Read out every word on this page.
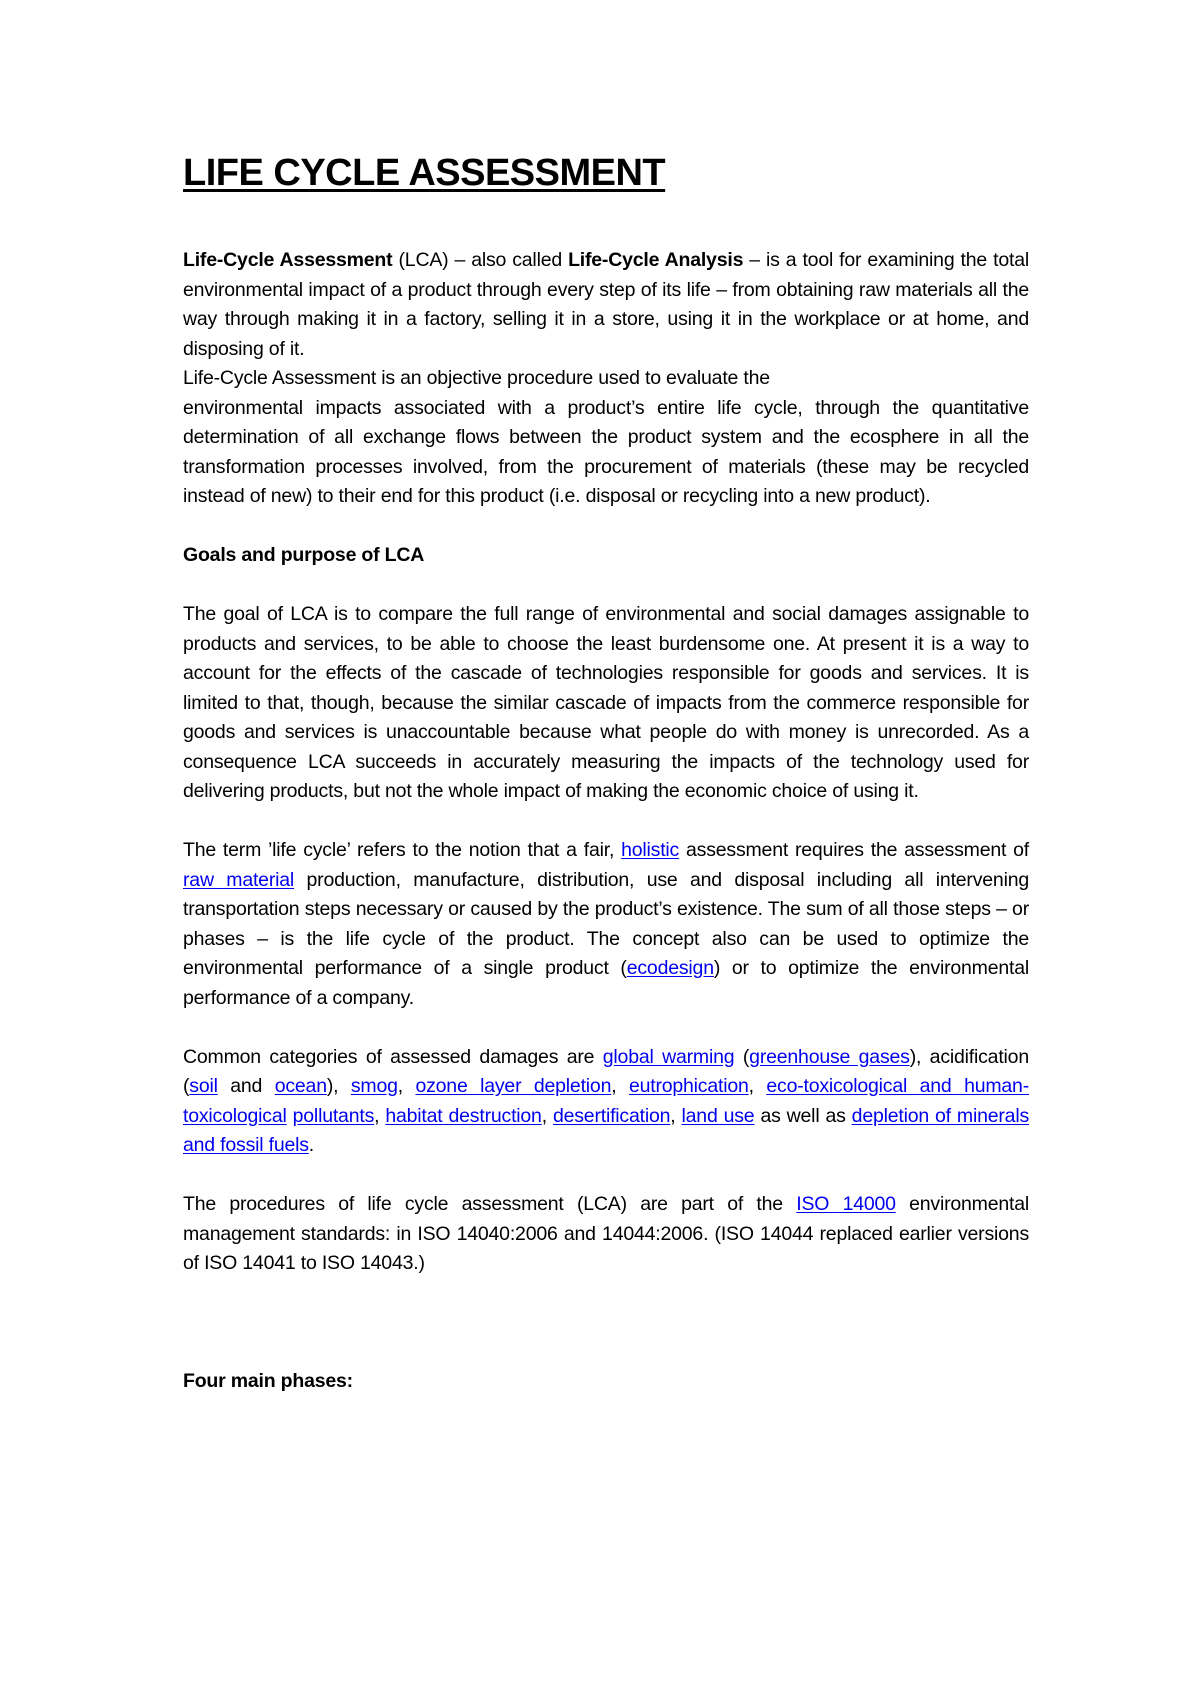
LIFE CYCLE ASSESSMENT

Life-Cycle Assessment (LCA) – also called Life-Cycle Analysis – is a tool for examining the total environmental impact of a product through every step of its life – from obtaining raw materials all the way through making it in a factory, selling it in a store, using it in the workplace or at home, and disposing of it.

Life-Cycle Assessment is an objective procedure used to evaluate the

environmental impacts associated with a product’s entire life cycle, through the quantitative determination of all exchange flows between the product system and the ecosphere in all the transformation processes involved, from the procurement of materials (these may be recycled instead of new) to their end for this product (i.e. disposal or recycling into a new product).

Goals and purpose of LCA

The goal of LCA is to compare the full range of environmental and social damages assignable to products and services, to be able to choose the least burdensome one. At present it is a way to account for the effects of the cascade of technologies responsible for goods and services. It is limited to that, though, because the similar cascade of impacts from the commerce responsible for goods and services is unaccountable because what people do with money is unrecorded. As a consequence LCA succeeds in accurately measuring the impacts of the technology used for delivering products, but not the whole impact of making the economic choice of using it.

The term ’life cycle’ refers to the notion that a fair, holistic assessment requires the assessment of raw material production, manufacture, distribution, use and disposal including all intervening transportation steps necessary or caused by the product’s existence. The sum of all those steps – or phases – is the life cycle of the product. The concept also can be used to optimize the environmental performance of a single product (ecodesign) or to optimize the environmental performance of a company.

Common categories of assessed damages are global warming (greenhouse gases), acidification (soil and ocean), smog, ozone layer depletion, eutrophication, eco-toxicological and human-toxicological pollutants, habitat destruction, desertification, land use as well as depletion of minerals and fossil fuels.

The procedures of life cycle assessment (LCA) are part of the ISO 14000 environmental management standards: in ISO 14040:2006 and 14044:2006. (ISO 14044 replaced earlier versions of ISO 14041 to ISO 14043.)

Four main phases:
